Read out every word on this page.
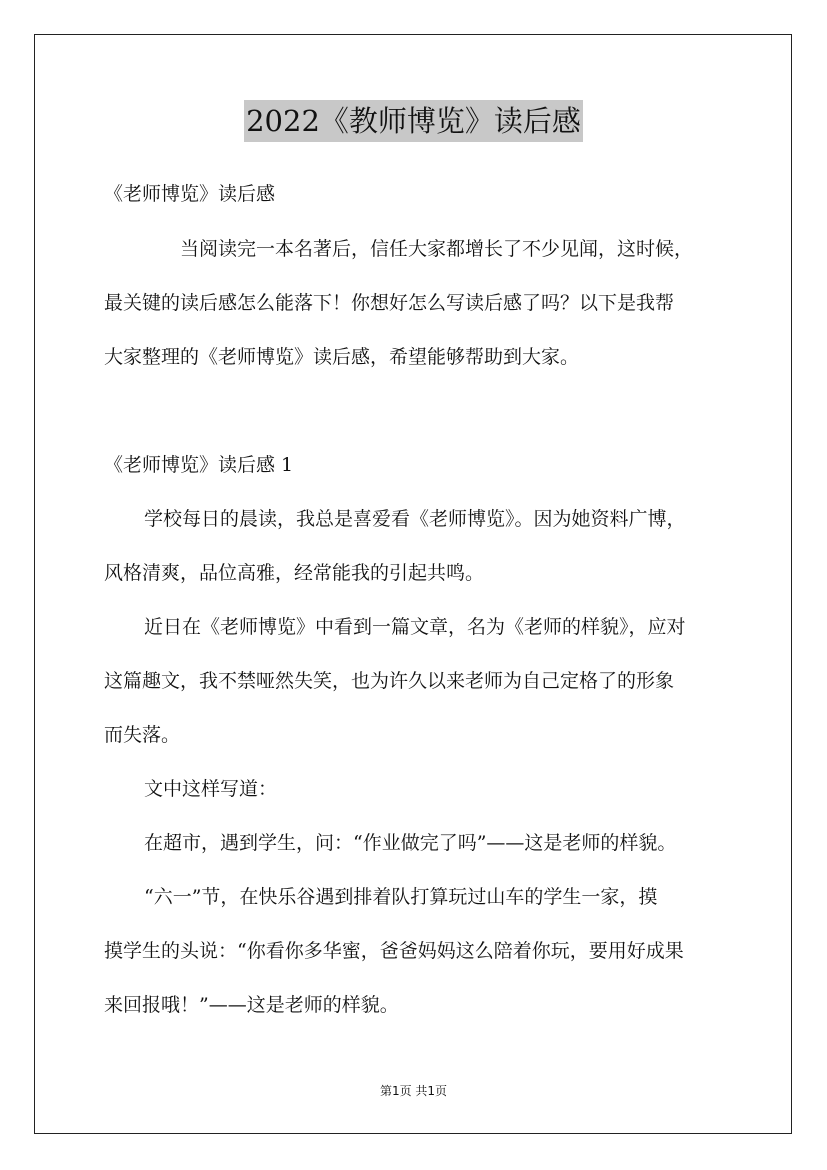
2022《教师博览》读后感
《老师博览》读后感
当阅读完一本名著后，信任大家都增长了不少见闻，这时候，
最关键的读后感怎么能落下！你想好怎么写读后感了吗？以下是我帮
大家整理的《老师博览》读后感，希望能够帮助到大家。
《老师博览》读后感 1
学校每日的晨读，我总是喜爱看《老师博览》。因为她资料广博，
风格清爽，品位高雅，经常能我的引起共鸣。
近日在《老师博览》中看到一篇文章，名为《老师的样貌》，应对
这篇趣文，我不禁哑然失笑，也为许久以来老师为自己定格了的形象
而失落。
文中这样写道：
在超市，遇到学生，问：“作业做完了吗”——这是老师的样貌。
“六一”节，在快乐谷遇到排着队打算玩过山车的学生一家，摸
摸学生的头说：“你看你多华蜜，爸爸妈妈这么陪着你玩，要用好成果
来回报哦！”——这是老师的样貌。
第1页 共1页
